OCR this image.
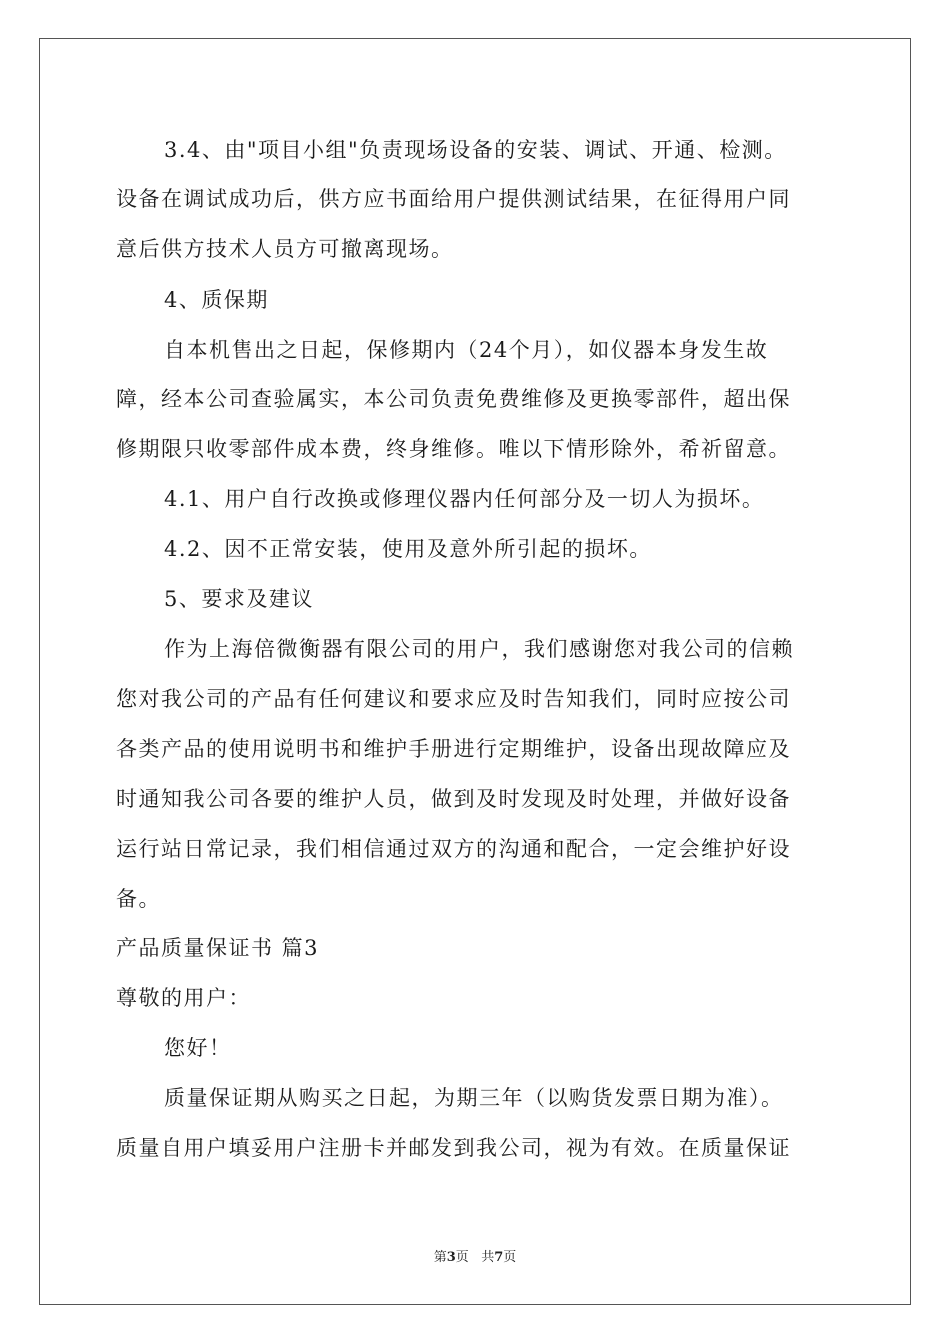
3.4、由"项目小组"负责现场设备的安装、调试、开通、检测。
设备在调试成功后，供方应书面给用户提供测试结果，在征得用户同
意后供方技术人员方可撤离现场。
4、质保期
自本机售出之日起，保修期内（24个月），如仪器本身发生故
障，经本公司查验属实，本公司负责免费维修及更换零部件，超出保
修期限只收零部件成本费，终身维修。唯以下情形除外，希祈留意。
4.1、用户自行改换或修理仪器内任何部分及一切人为损坏。
4.2、因不正常安装，使用及意外所引起的损坏。
5、要求及建议
作为上海倍微衡器有限公司的用户，我们感谢您对我公司的信赖
您对我公司的产品有任何建议和要求应及时告知我们，同时应按公司
各类产品的使用说明书和维护手册进行定期维护，设备出现故障应及
时通知我公司各要的维护人员，做到及时发现及时处理，并做好设备
运行站日常记录，我们相信通过双方的沟通和配合，一定会维护好设
备。
产品质量保证书 篇3
尊敬的用户：
您好！
质量保证期从购买之日起，为期三年（以购货发票日期为准）。
质量自用户填妥用户注册卡并邮发到我公司，视为有效。在质量保证
第3页 共7页
